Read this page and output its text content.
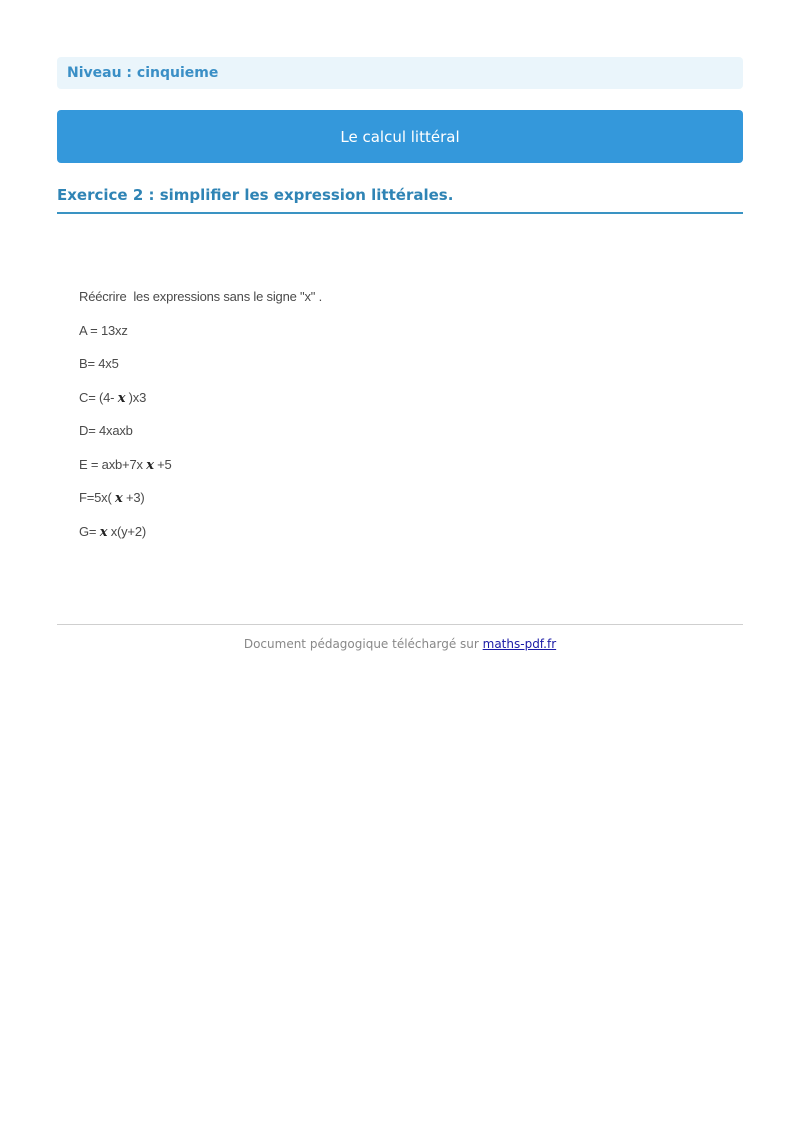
Niveau : cinquieme
Le calcul littéral
Exercice 2 : simplifier les expression littérales.
Réécrire  les expressions sans le signe "x" .
A = 13xz
B= 4x5
C= (4- x )x3
D= 4xaxb
E = axb+7x x +5
F=5x( x +3)
G= x x(y+2)
Document pédagogique téléchargé sur maths-pdf.fr
